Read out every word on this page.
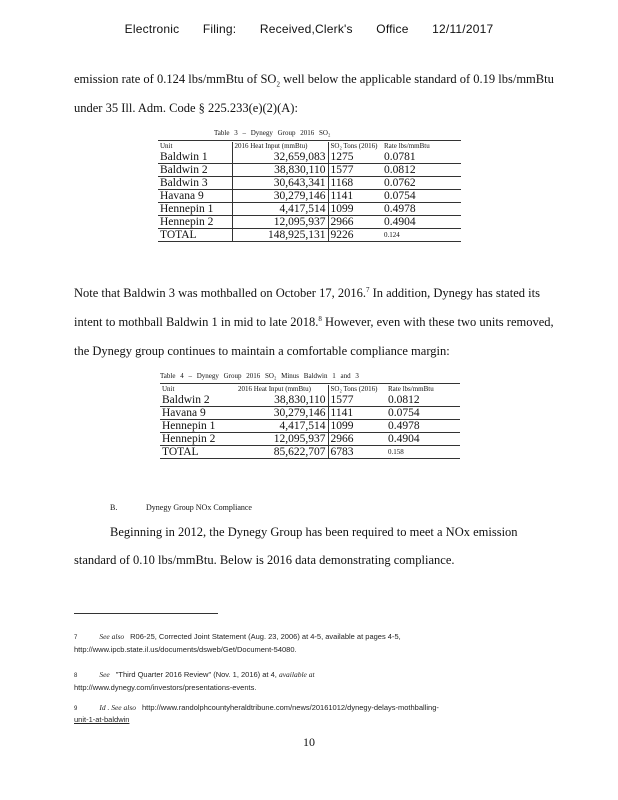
Electronic Filing: Received,Clerk's Office 12/11/2017
emission rate of 0.124 lbs/mmBtu of $SO_2$ well below the applicable standard of 0.19 lbs/mmBtu
under 35 Ill. Adm. Code § 225.233(e)(2)(A):
Table 3 – Dynegy Group 2016 SO₂
Unit	2016 Heat Input (mmBtu)	SO₂ Tons (2016)	Rate lbs/mmBtu
Baldwin 1	32,659,083	1275	0.0781
Baldwin 2	38,830,110	1577	0.0812
Baldwin 3	30,643,341	1168	0.0762
Havana 9	30,279,146	1141	0.0754
Hennepin 1	4,417,514	1099	0.4978
Hennepin 2	12,095,937	2966	0.4904
TOTAL	148,925,131	9226	0.124
Note that Baldwin 3 was mothballed on October 17, 2016.$^7$ In addition, Dynegy has stated its
intent to mothball Baldwin 1 in mid to late 2018.$^8$ However, even with these two units removed,
the Dynegy group continues to maintain a comfortable compliance margin:
Table 4 – Dynegy Group 2016 SO₂ Minus Baldwin 1 and 3
Unit	2016 Heat Input (mmBtu)	SO₂ Tons (2016)	Rate lbs/mmBtu
Baldwin 2	38,830,110	1577	0.0812
Havana 9	30,279,146	1141	0.0754
Hennepin 1	4,417,514	1099	0.4978
Hennepin 2	12,095,937	2966	0.4904
TOTAL	85,622,707	6783	0.158
B.	Dynegy Group NOx Compliance
Beginning in 2012, the Dynegy Group has been required to meet a NOx emission
standard of 0.10 lbs/mmBtu. Below is 2016 data demonstrating compliance.
7	See also R06-25, Corrected Joint Statement (Aug. 23, 2006) at 4-5, available at pages 4-5,
http://www.ipcb.state.il.us/documents/dsweb/Get/Document-54080.
8	See "Third Quarter 2016 Review" (Nov. 1, 2016) at 4, available at
http://www.dynegy.com/investors/presentations-events.
9	Id . See also http://www.randolphcountyheraldtribune.com/news/20161012/dynegy-delays-mothballing-
unit-1-at-baldwin
10
